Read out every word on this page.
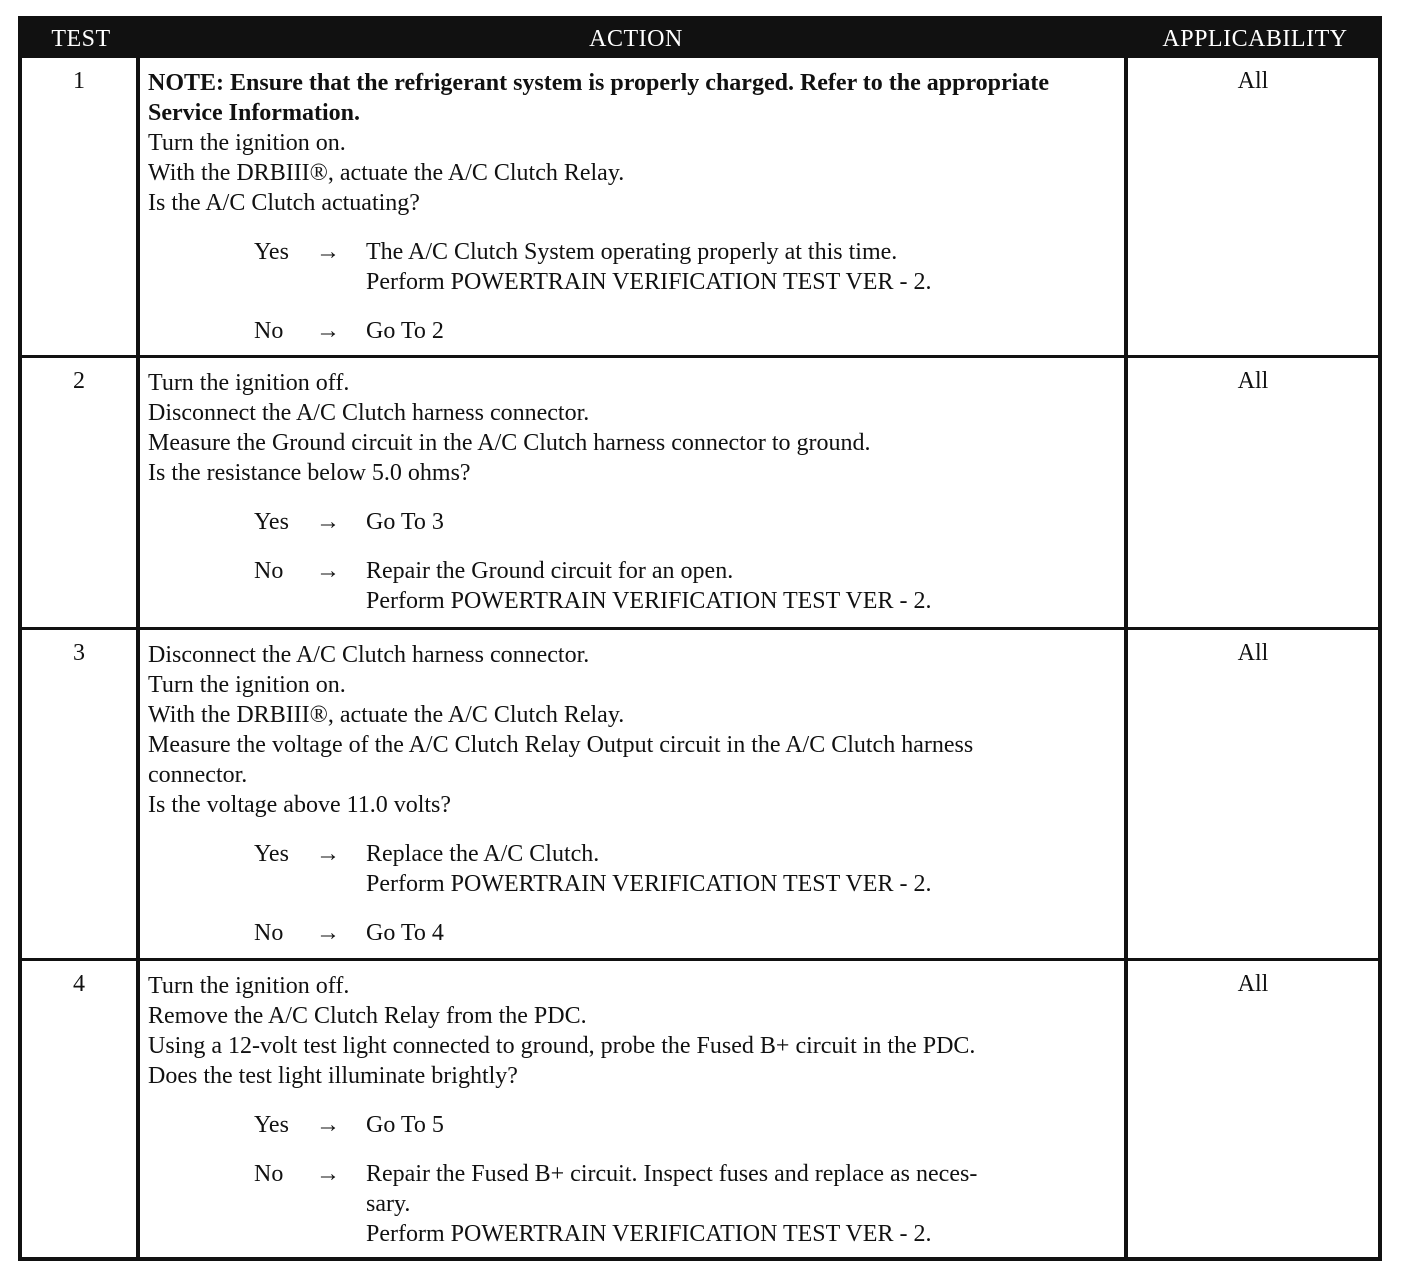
TEST	ACTION	APPLICABILITY
1	NOTE: Ensure that the refrigerant system is properly charged. Refer to the appropriate Service Information.
Turn the ignition on.
With the DRBIII®, actuate the A/C Clutch Relay.
Is the A/C Clutch actuating?
Yes	→	The A/C Clutch System operating properly at this time.
Perform POWERTRAIN VERIFICATION TEST VER - 2.
No	→	Go To 2
All
2	Turn the ignition off.
Disconnect the A/C Clutch harness connector.
Measure the Ground circuit in the A/C Clutch harness connector to ground.
Is the resistance below 5.0 ohms?
Yes	→	Go To 3
No	→	Repair the Ground circuit for an open.
Perform POWERTRAIN VERIFICATION TEST VER - 2.
All
3	Disconnect the A/C Clutch harness connector.
Turn the ignition on.
With the DRBIII®, actuate the A/C Clutch Relay.
Measure the voltage of the A/C Clutch Relay Output circuit in the A/C Clutch harness
connector.
Is the voltage above 11.0 volts?
Yes	→	Replace the A/C Clutch.
Perform POWERTRAIN VERIFICATION TEST VER - 2.
No	→	Go To 4
All
4	Turn the ignition off.
Remove the A/C Clutch Relay from the PDC.
Using a 12-volt test light connected to ground, probe the Fused B+ circuit in the PDC.
Does the test light illuminate brightly?
Yes	→	Go To 5
No	→	Repair the Fused B+ circuit. Inspect fuses and replace as neces-
sary.
Perform POWERTRAIN VERIFICATION TEST VER - 2.
All
